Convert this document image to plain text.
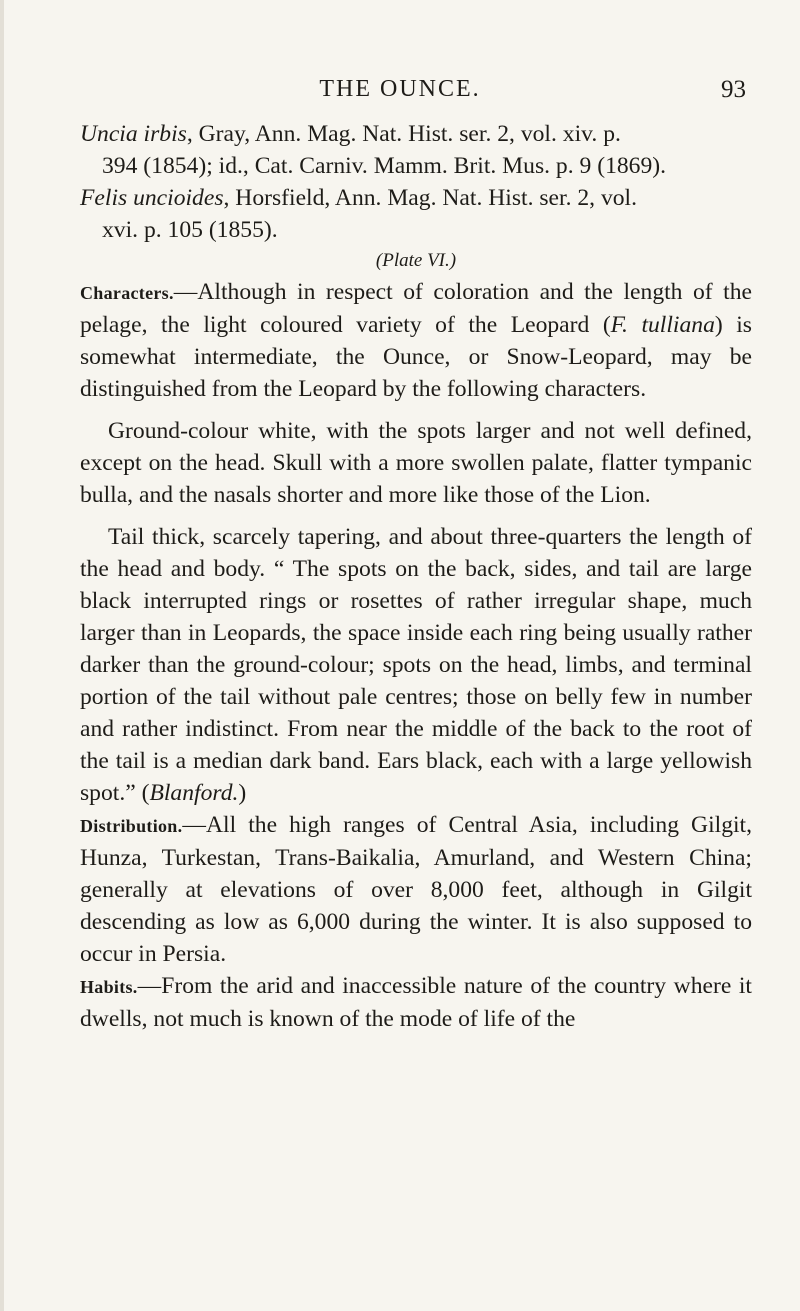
THE OUNCE.	93
Uncia irbis, Gray, Ann. Mag. Nat. Hist. ser. 2, vol. xiv. p.
394 (1854); id., Cat. Carniv. Mamm. Brit. Mus. p. 9 (1869).
Felis uncioides, Horsfield, Ann. Mag. Nat. Hist. ser. 2, vol.
xvi. p. 105 (1855).
(Plate VI.)

Characters.—Although in respect of coloration and the length of the pelage, the light coloured variety of the Leopard (F. tulliana) is somewhat intermediate, the Ounce, or Snow-Leopard, may be distinguished from the Leopard by the following characters.

Ground-colour white, with the spots larger and not well defined, except on the head. Skull with a more swollen palate, flatter tympanic bulla, and the nasals shorter and more like those of the Lion.

Tail thick, scarcely tapering, and about three-quarters the length of the head and body. “ The spots on the back, sides, and tail are large black interrupted rings or rosettes of rather irregular shape, much larger than in Leopards, the space inside each ring being usually rather darker than the ground-colour; spots on the head, limbs, and terminal portion of the tail without pale centres; those on belly few in number and rather indistinct. From near the middle of the back to the root of the tail is a median dark band. Ears black, each with a large yellowish spot.” (Blanford.)

Distribution.—All the high ranges of Central Asia, including Gilgit, Hunza, Turkestan, Trans-Baikalia, Amurland, and Western China; generally at elevations of over 8,000 feet, although in Gilgit descending as low as 6,000 during the winter. It is also supposed to occur in Persia.

Habits.—From the arid and inaccessible nature of the country where it dwells, not much is known of the mode of life of the
